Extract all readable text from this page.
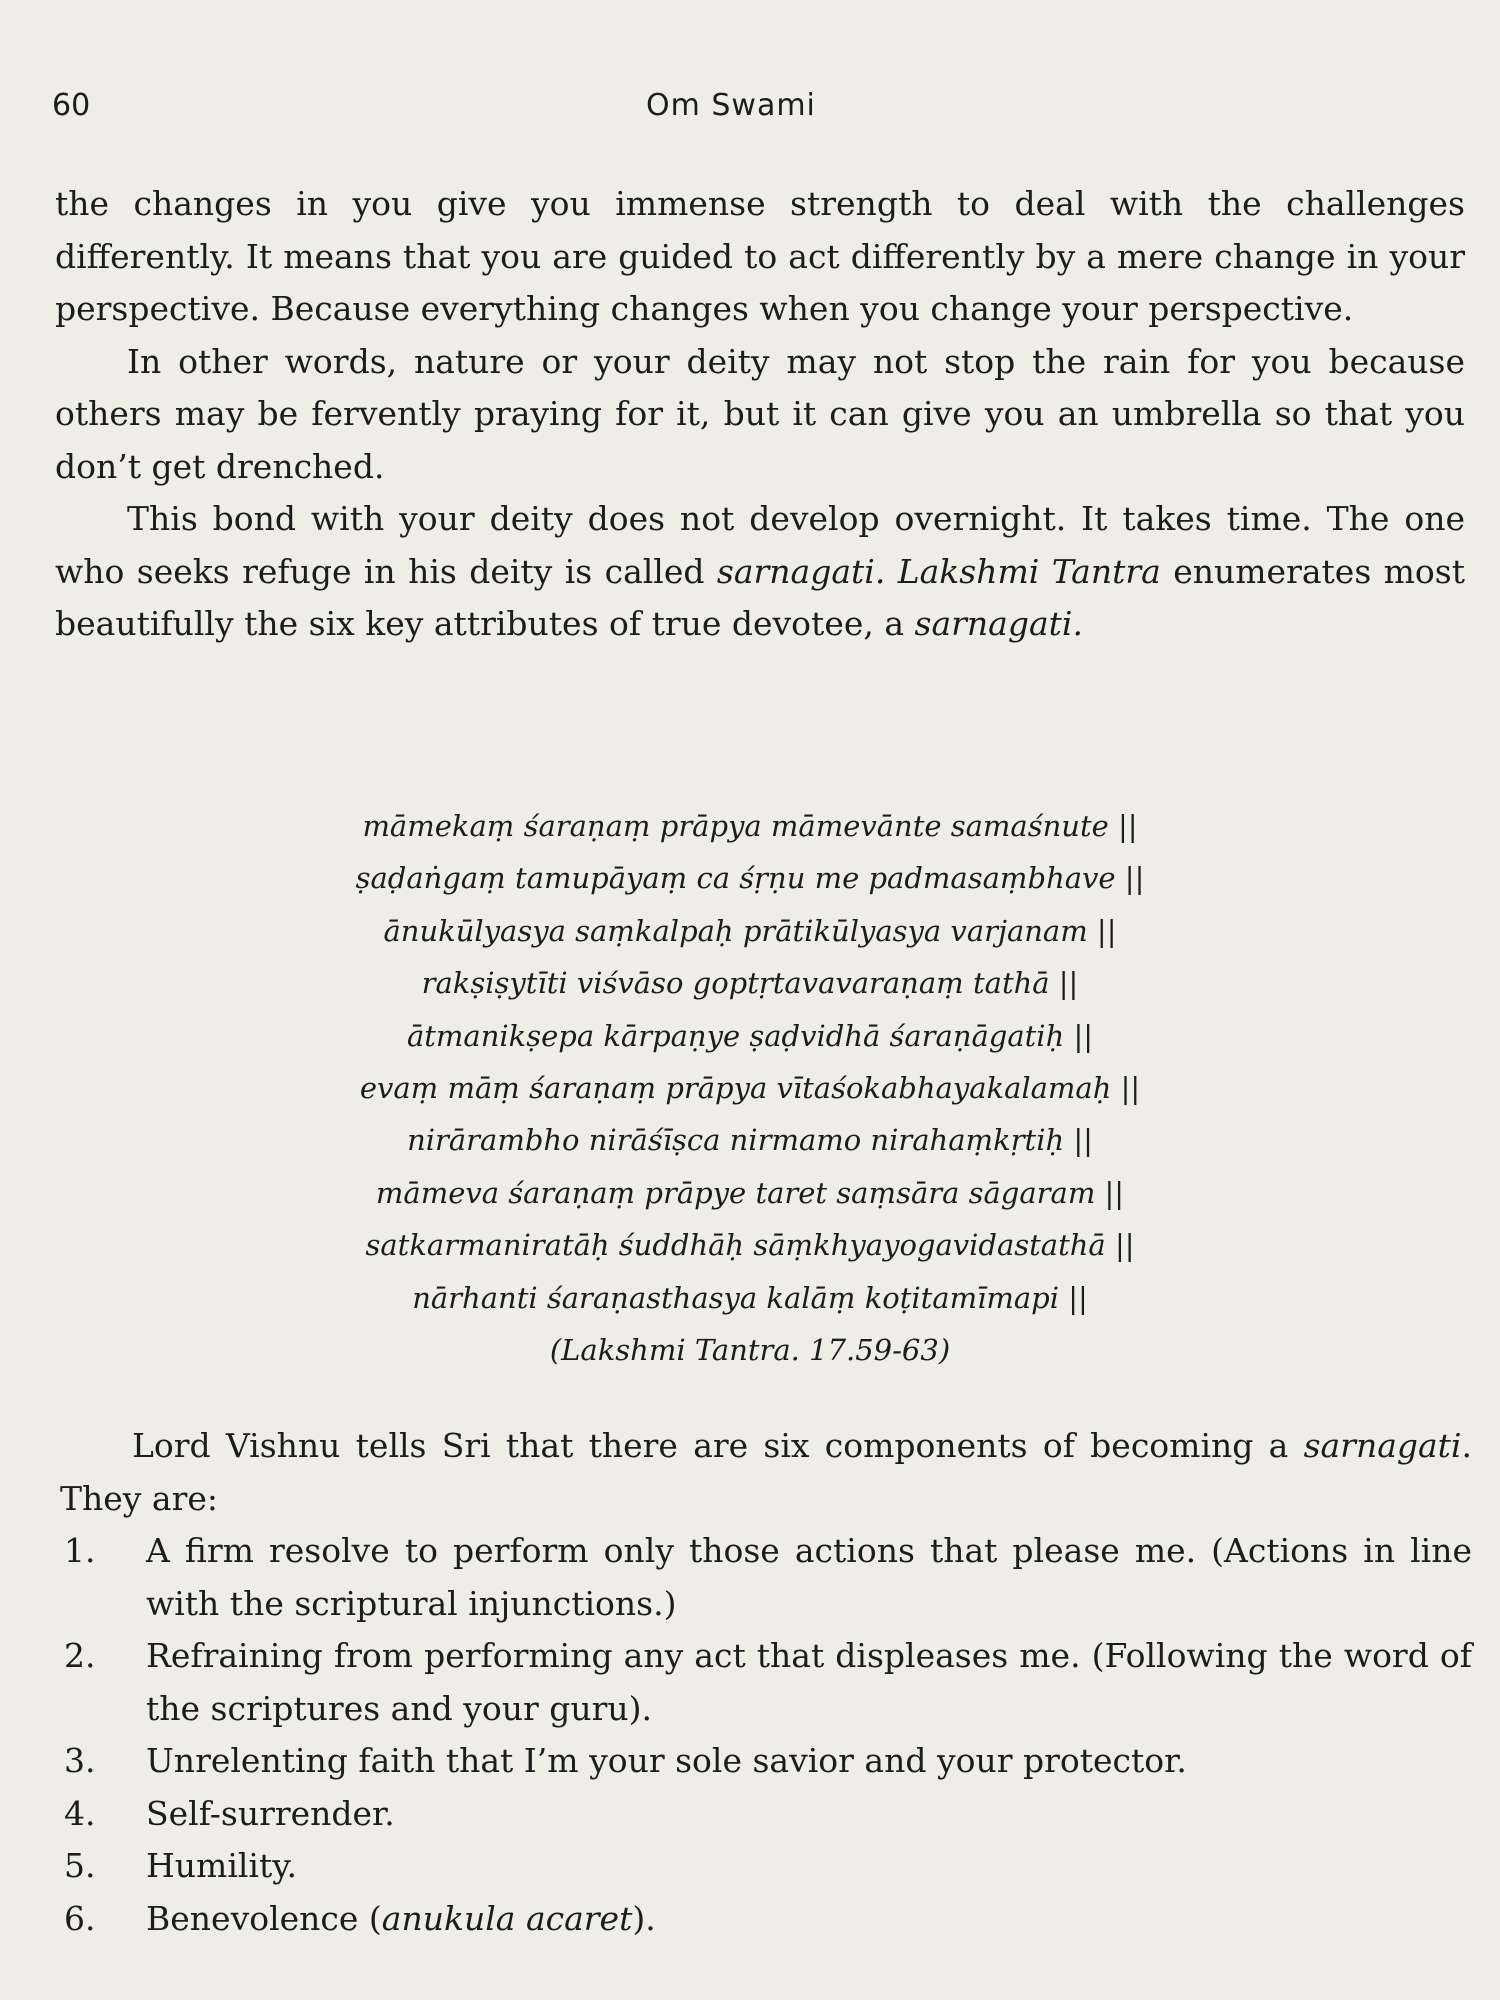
60	Om Swami

the changes in you give you immense strength to deal with the challenges differently. It means that you are guided to act differently by a mere change in your perspective. Because everything changes when you change your perspective.

In other words, nature or your deity may not stop the rain for you because others may be fervently praying for it, but it can give you an umbrella so that you don’t get drenched.

This bond with your deity does not develop overnight. It takes time. The one who seeks refuge in his deity is called sarnagati. Lakshmi Tantra enumerates most beautifully the six key attributes of true devotee, a sarnagati.

māmekaṃ śaraṇaṃ prāpya māmevānte samaśnute ||
ṣaḍaṅgaṃ tamupāyaṃ ca śṛṇu me padmasaṃbhave ||
ānukūlyasya saṃkalpaḥ prātikūlyasya varjanam ||
rakṣiṣytīti viśvāso goptṛtavavaraṇaṃ tathā ||
ātmanikṣepa kārpaṇye ṣaḍvidhā śaraṇāgatiḥ ||
evaṃ māṃ śaraṇaṃ prāpya vītaśokabhayakalamaḥ ||
nirārambho nirāśīṣca nirmamo nirahaṃkṛtiḥ ||
māmeva śaraṇaṃ prāpye taret saṃsāra sāgaram ||
satkarmaniratāḥ śuddhāḥ sāṃkhyayogavidastathā ||
nārhanti śaraṇasthasya kalāṃ koṭitamīmapi ||
(Lakshmi Tantra. 17.59-63)

Lord Vishnu tells Sri that there are six components of becoming a sarnagati. They are:

1. A firm resolve to perform only those actions that please me. (Actions in line with the scriptural injunctions.)
2. Refraining from performing any act that displeases me. (Following the word of the scriptures and your guru).
3. Unrelenting faith that I’m your sole savior and your protector.
4. Self-surrender.
5. Humility.
6. Benevolence (anukula acaret).
